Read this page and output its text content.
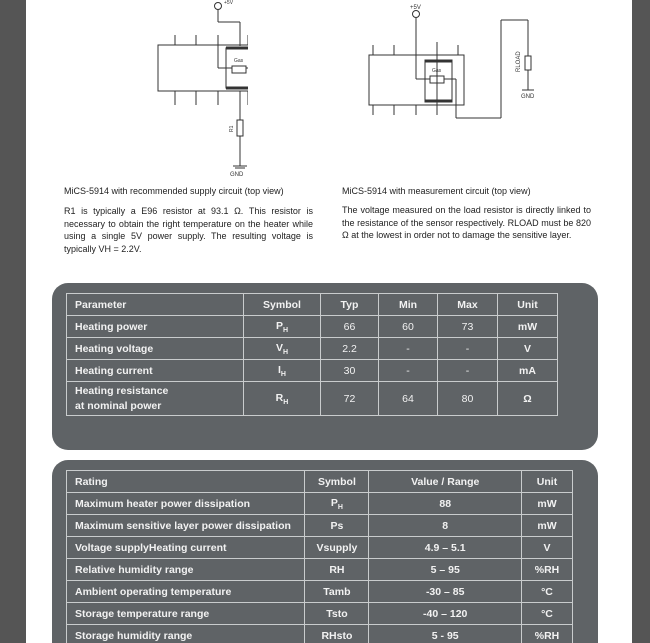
+5V
Gas
GND
R1
+5V
Gas
GND
RLOAD
MiCS-5914 with recommended supply circuit (top view)
R1 is typically a E96 resistor at 93.1 Ω. This resistor is necessary to obtain the right temperature on the heater while using a single 5V power supply. The resulting voltage is typically VH = 2.2V.
MiCS-5914 with measurement circuit (top view)
The voltage measured on the load resistor is directly linked to the resistance of the sensor respectively. RLOAD must be 820 Ω at the lowest in order not to damage the sensitive layer.
Parameter	Symbol	Typ	Min	Max	Unit
Heating power	$P_H$	66	60	73	mW
Heating voltage	$V_H$	2.2	-	-	V
Heating current	$I_H$	30	-	-	mA
Heating resistance
at nominal power	$R_H$	72	64	80	Ω
Rating	Symbol	Value / Range	Unit
Maximum heater power dissipation	$P_H$	88	mW
Maximum sensitive layer power dissipation	Ps	8	mW
Voltage supplyHeating current	Vsupply	4.9 – 5.1	V
Relative humidity range	RH	5 – 95	%RH
Ambient operating temperature	Tamb	-30 – 85	°C
Storage temperature range	Tsto	-40 – 120	°C
Storage humidity range	RHsto	5 - 95	%RH
